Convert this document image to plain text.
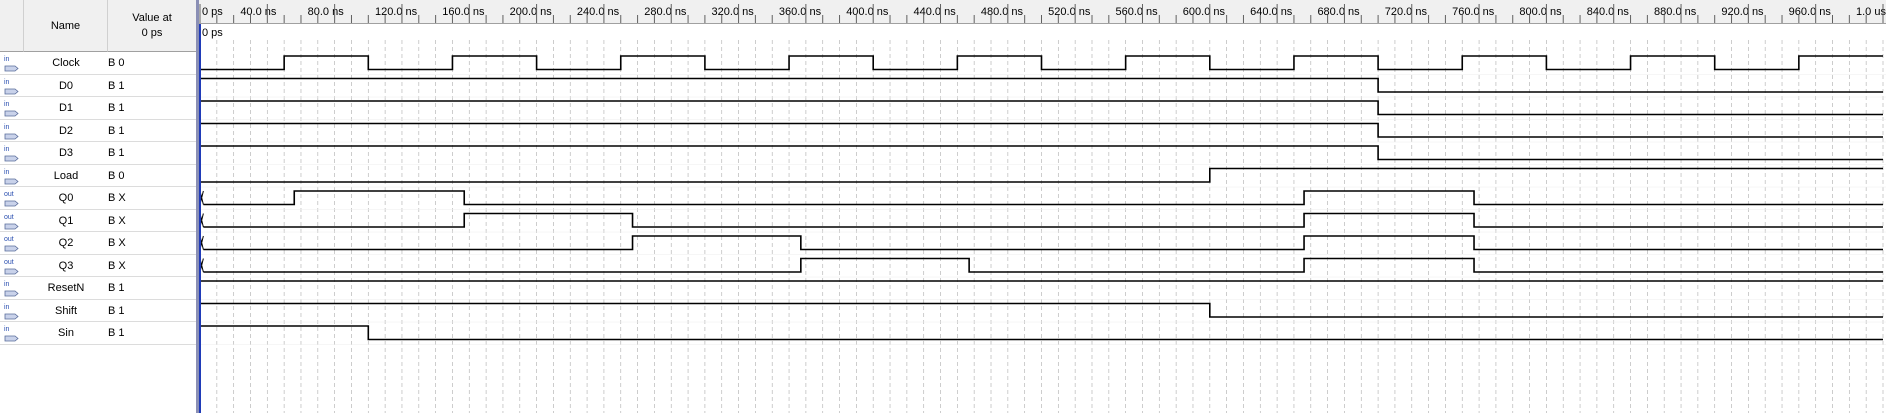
Name
Value at
0 ps
in	Clock	B 0
in	D0	B 1
in	D1	B 1
in	D2	B 1
in	D3	B 1
in	Load	B 0
out	Q0	B X
out	Q1	B X
out	Q2	B X
out	Q3	B X
in	ResetN	B 1
in	Shift	B 1
in	Sin	B 1
0 ps 40.0 ns	80.0 ns	120.0 ns 160.0 ns 200.0 ns 240.0 ns 280.0 ns 320.0 ns 360.0 ns 400.0 ns 440.0 ns 480.0 ns 520.0 ns 560.0 ns 600.0 ns 640.0 ns 680.0 ns 720.0 ns 760.0 ns 800.0 ns 840.0 ns 880.0 ns 920.0 ns 960.0 ns 1.0 us
0 ps
